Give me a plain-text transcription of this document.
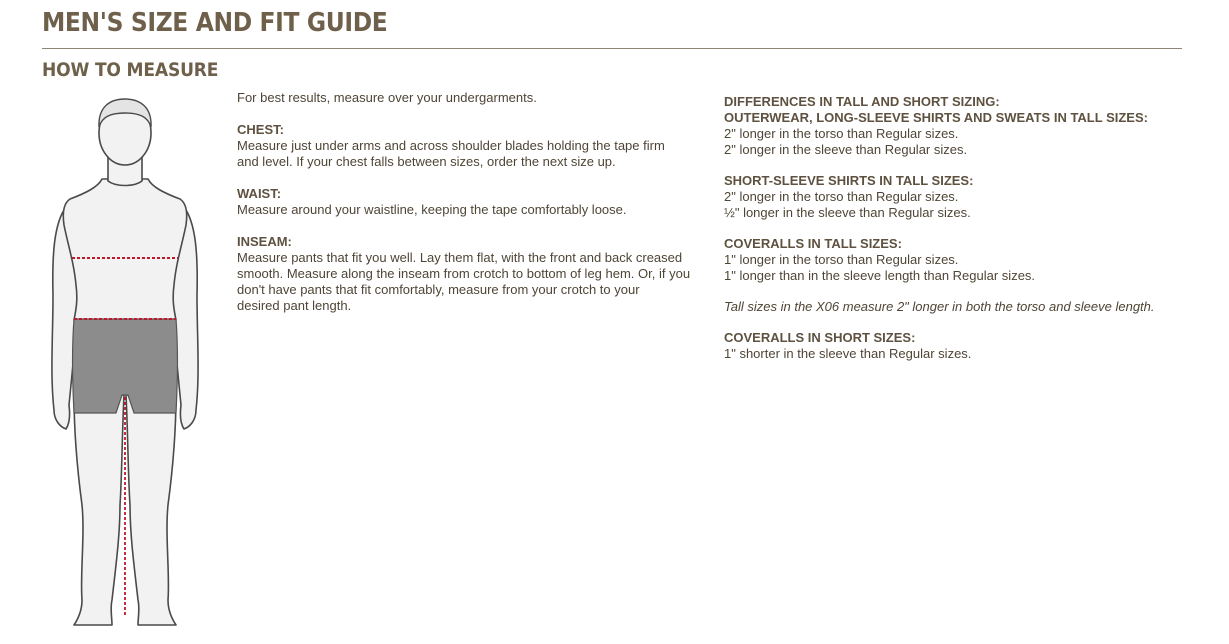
MEN'S SIZE AND FIT GUIDE
HOW TO MEASURE

For best results, measure over your undergarments.

CHEST:

Measure just under arms and across shoulder blades holding the tape firm

and level. If your chest falls between sizes, order the next size up.

WAIST:

Measure around your waistline, keeping the tape comfortably loose.

INSEAM:

Measure pants that fit you well. Lay them flat, with the front and back creased

smooth. Measure along the inseam from crotch to bottom of leg hem. Or, if you

don't have pants that fit comfortably, measure from your crotch to your

desired pant length.

DIFFERENCES IN TALL AND SHORT SIZING:

OUTERWEAR, LONG-SLEEVE SHIRTS AND SWEATS IN TALL SIZES:

2" longer in the torso than Regular sizes.

2" longer in the sleeve than Regular sizes.

SHORT-SLEEVE SHIRTS IN TALL SIZES:

2" longer in the torso than Regular sizes.

½" longer in the sleeve than Regular sizes.

COVERALLS IN TALL SIZES:

1" longer in the torso than Regular sizes.

1" longer than in the sleeve length than Regular sizes.

Tall sizes in the X06 measure 2" longer in both the torso and sleeve length.

COVERALLS IN SHORT SIZES:

1" shorter in the sleeve than Regular sizes.
